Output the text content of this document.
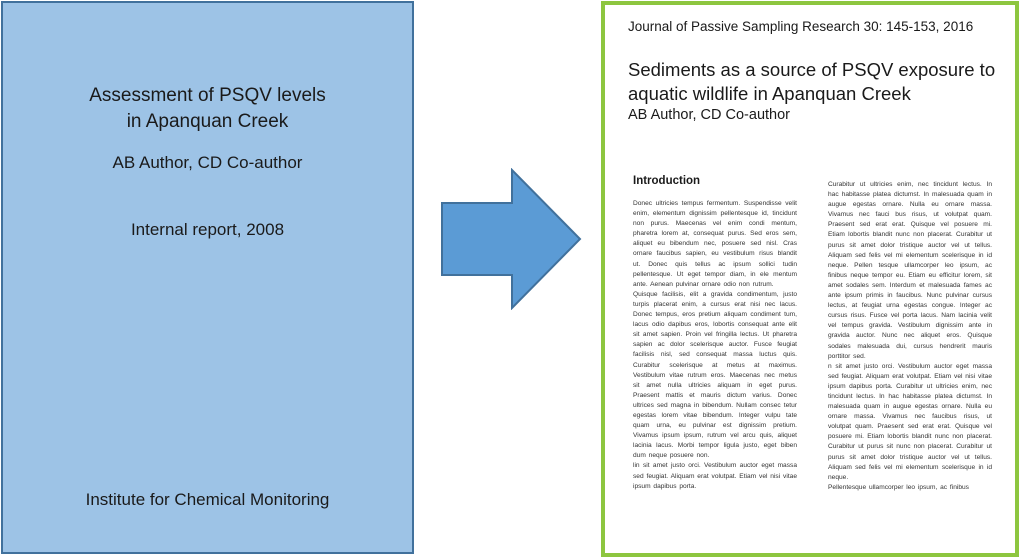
Assessment of PSQV levels
in Apanquan Creek
AB Author, CD Co-author
Internal report, 2008
Institute for Chemical Monitoring
Journal of Passive Sampling Research 30: 145-153, 2016
Sediments as a source of PSQV exposure to
aquatic wildlife in Apanquan Creek
AB Author, CD Co-author
Introduction
Donec ultricies tempus fermentum. Suspendisse velit enim, elementum dignissim pellentesque id, tincidunt non purus. Maecenas vel enim condi mentum, pharetra lorem at, consequat purus. Sed eros sem, aliquet eu bibendum nec, posuere sed nisl. Cras ornare faucibus sapien, eu vestibulum risus blandit ut. Donec quis tellus ac ipsum sollici tudin pellentesque. Ut eget tempor diam, in ele mentum ante. Aenean pulvinar ornare odio non rutrum.
Quisque facilisis, elit a gravida condimentum, justo turpis placerat enim, a cursus erat nisi nec lacus. Donec tempus, eros pretium aliquam condiment tum, lacus odio dapibus eros, lobortis consequat ante elit sit amet sapien. Proin vel fringilla lectus. Ut pharetra sapien ac dolor scelerisque auctor. Fusce feugiat facilisis nisl, sed consequat massa luctus quis. Curabitur scelerisque at metus at maximus. Vestibulum vitae rutrum eros. Maecenas nec metus sit amet nulla ultricies aliquam in eget purus. Praesent mattis et mauris dictum varius. Donec ultrices sed magna in bibendum. Nullam consec tetur egestas lorem vitae bibendum. Integer vulpu tate quam urna, eu pulvinar est dignissim pretium. Vivamus ipsum ipsum, rutrum vel arcu quis, aliquet lacinia lacus. Morbi tempor ligula justo, eget biben dum neque posuere non.
lin sit amet justo orci. Vestibulum auctor eget massa sed feugiat. Aliquam erat volutpat. Etiam vel nisi vitae ipsum dapibus porta.
Curabitur ut ultricies enim, nec tincidunt lectus. In hac habitasse platea dictumst. In malesuada quam in augue egestas ornare. Nulla eu ornare massa. Vivamus nec fauci bus risus, ut volutpat quam. Praesent sed erat erat. Quisque vel posuere mi. Etiam lobortis blandit nunc non placerat. Curabitur ut purus sit amet dolor tristique auctor vel ut tellus. Aliquam sed felis vel mi elementum scelerisque in id neque. Pellen tesque ullamcorper leo ipsum, ac finibus neque tempor eu. Etiam eu efficitur lorem, sit amet sodales sem. Interdum et malesuada fames ac ante ipsum primis in faucibus. Nunc pulvinar cursus lectus, at feugiat urna egestas congue. Integer ac cursus risus. Fusce vel porta lacus. Nam lacinia velit vel tempus gravida. Vestibulum dignissim ante in gravida auctor. Nunc nec aliquet eros. Quisque sodales malesuada dui, cursus hendrerit mauris porttitor sed.
n sit amet justo orci. Vestibulum auctor eget massa sed feugiat. Aliquam erat volutpat. Etiam vel nisi vitae ipsum dapibus porta. Curabitur ut ultricies enim, nec tincidunt lectus. In hac habitasse platea dictumst. In malesuada quam in augue egestas ornare. Nulla eu ornare massa. Vivamus nec faucibus risus, ut volutpat quam. Praesent sed erat erat. Quisque vel posuere mi. Etiam lobortis blandit nunc non placerat. Curabitur ut purus sit nunc non placerat. Curabitur ut purus sit amet dolor tristique auctor vel ut tellus. Aliquam sed felis vel mi elementum scelerisque in id neque.
Pellentesque ullamcorper leo ipsum, ac finibus
